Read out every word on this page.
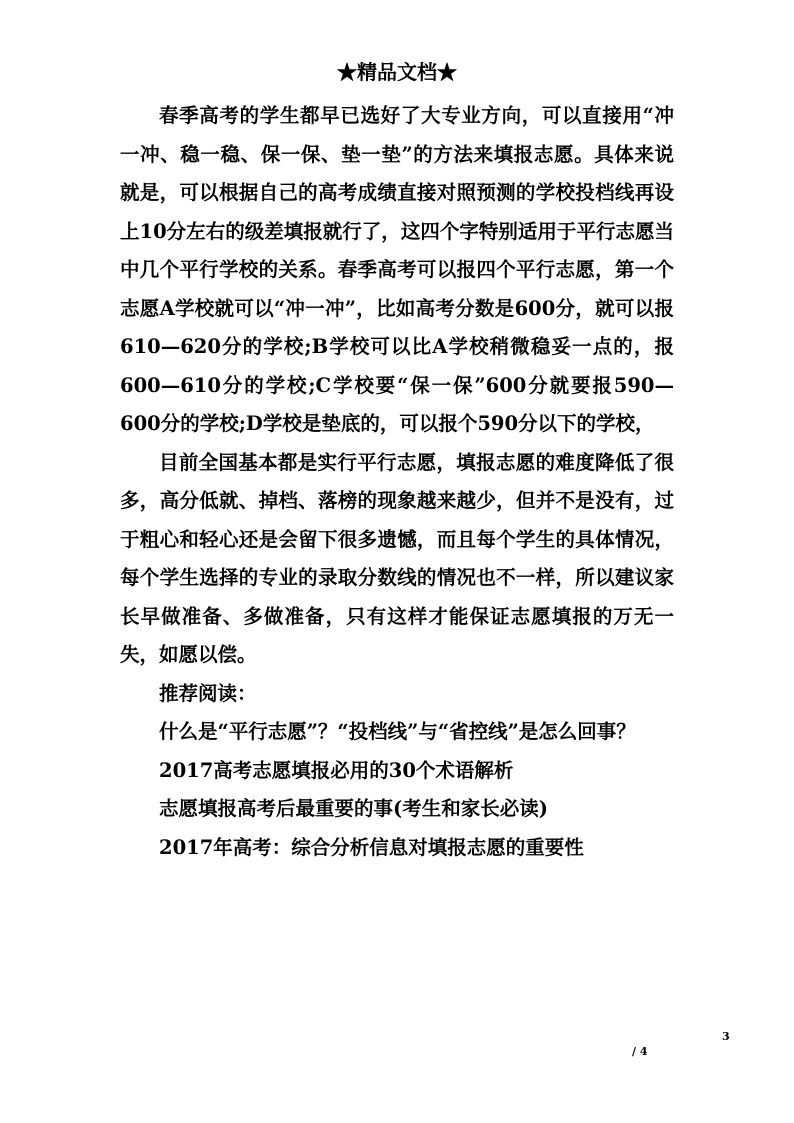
★精品文档★

春季高考的学生都早已选好了大专业方向，可以直接用“冲一冲、稳一稳、保一保、垫一垫”的方法来填报志愿。具体来说就是，可以根据自己的高考成绩直接对照预测的学校投档线再设上10分左右的级差填报就行了，这四个字特别适用于平行志愿当中几个平行学校的关系。春季高考可以报四个平行志愿，第一个志愿A学校就可以“冲一冲”，比如高考分数是600分，就可以报610—620分的学校;B学校可以比A学校稍微稳妥一点的，报600—610分的学校;C学校要“保一保”600分就要报590—600分的学校;D学校是垫底的，可以报个590分以下的学校，

目前全国基本都是实行平行志愿，填报志愿的难度降低了很多，高分低就、掉档、落榜的现象越来越少，但并不是没有，过于粗心和轻心还是会留下很多遗憾，而且每个学生的具体情况，每个学生选择的专业的录取分数线的情况也不一样，所以建议家长早做准备、多做准备，只有这样才能保证志愿填报的万无一失，如愿以偿。

推荐阅读：

什么是“平行志愿”？“投档线”与“省控线”是怎么回事？

2017高考志愿填报必用的30个术语解析

志愿填报高考后最重要的事(考生和家长必读)

2017年高考：综合分析信息对填报志愿的重要性

3
/ 4
